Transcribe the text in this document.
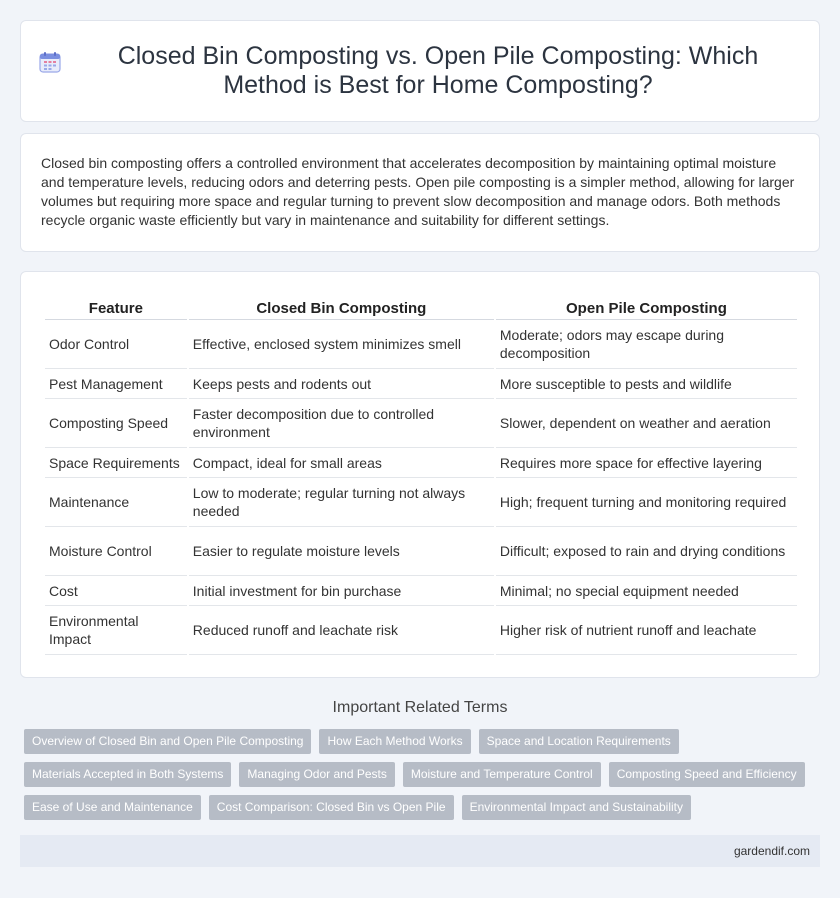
Closed Bin Composting vs. Open Pile Composting: Which Method is Best for Home Composting?

Closed bin composting offers a controlled environment that accelerates decomposition by maintaining optimal moisture and temperature levels, reducing odors and deterring pests. Open pile composting is a simpler method, allowing for larger volumes but requiring more space and regular turning to prevent slow decomposition and manage odors. Both methods recycle organic waste efficiently but vary in maintenance and suitability for different settings.

Feature	Closed Bin Composting	Open Pile Composting
Odor Control	Effective, enclosed system minimizes smell	Moderate; odors may escape during decomposition
Pest Management	Keeps pests and rodents out	More susceptible to pests and wildlife
Composting Speed	Faster decomposition due to controlled environment	Slower, dependent on weather and aeration
Space Requirements	Compact, ideal for small areas	Requires more space for effective layering
Maintenance	Low to moderate; regular turning not always needed	High; frequent turning and monitoring required
Moisture Control	Easier to regulate moisture levels	Difficult; exposed to rain and drying conditions
Cost	Initial investment for bin purchase	Minimal; no special equipment needed
Environmental Impact	Reduced runoff and leachate risk	Higher risk of nutrient runoff and leachate
Important Related Terms
Overview of Closed Bin and Open Pile Composting	How Each Method Works	Space and Location Requirements
Materials Accepted in Both Systems	Managing Odor and Pests	Moisture and Temperature Control	Composting Speed and Efficiency
Ease of Use and Maintenance	Cost Comparison: Closed Bin vs Open Pile	Environmental Impact and Sustainability
gardendif.com
